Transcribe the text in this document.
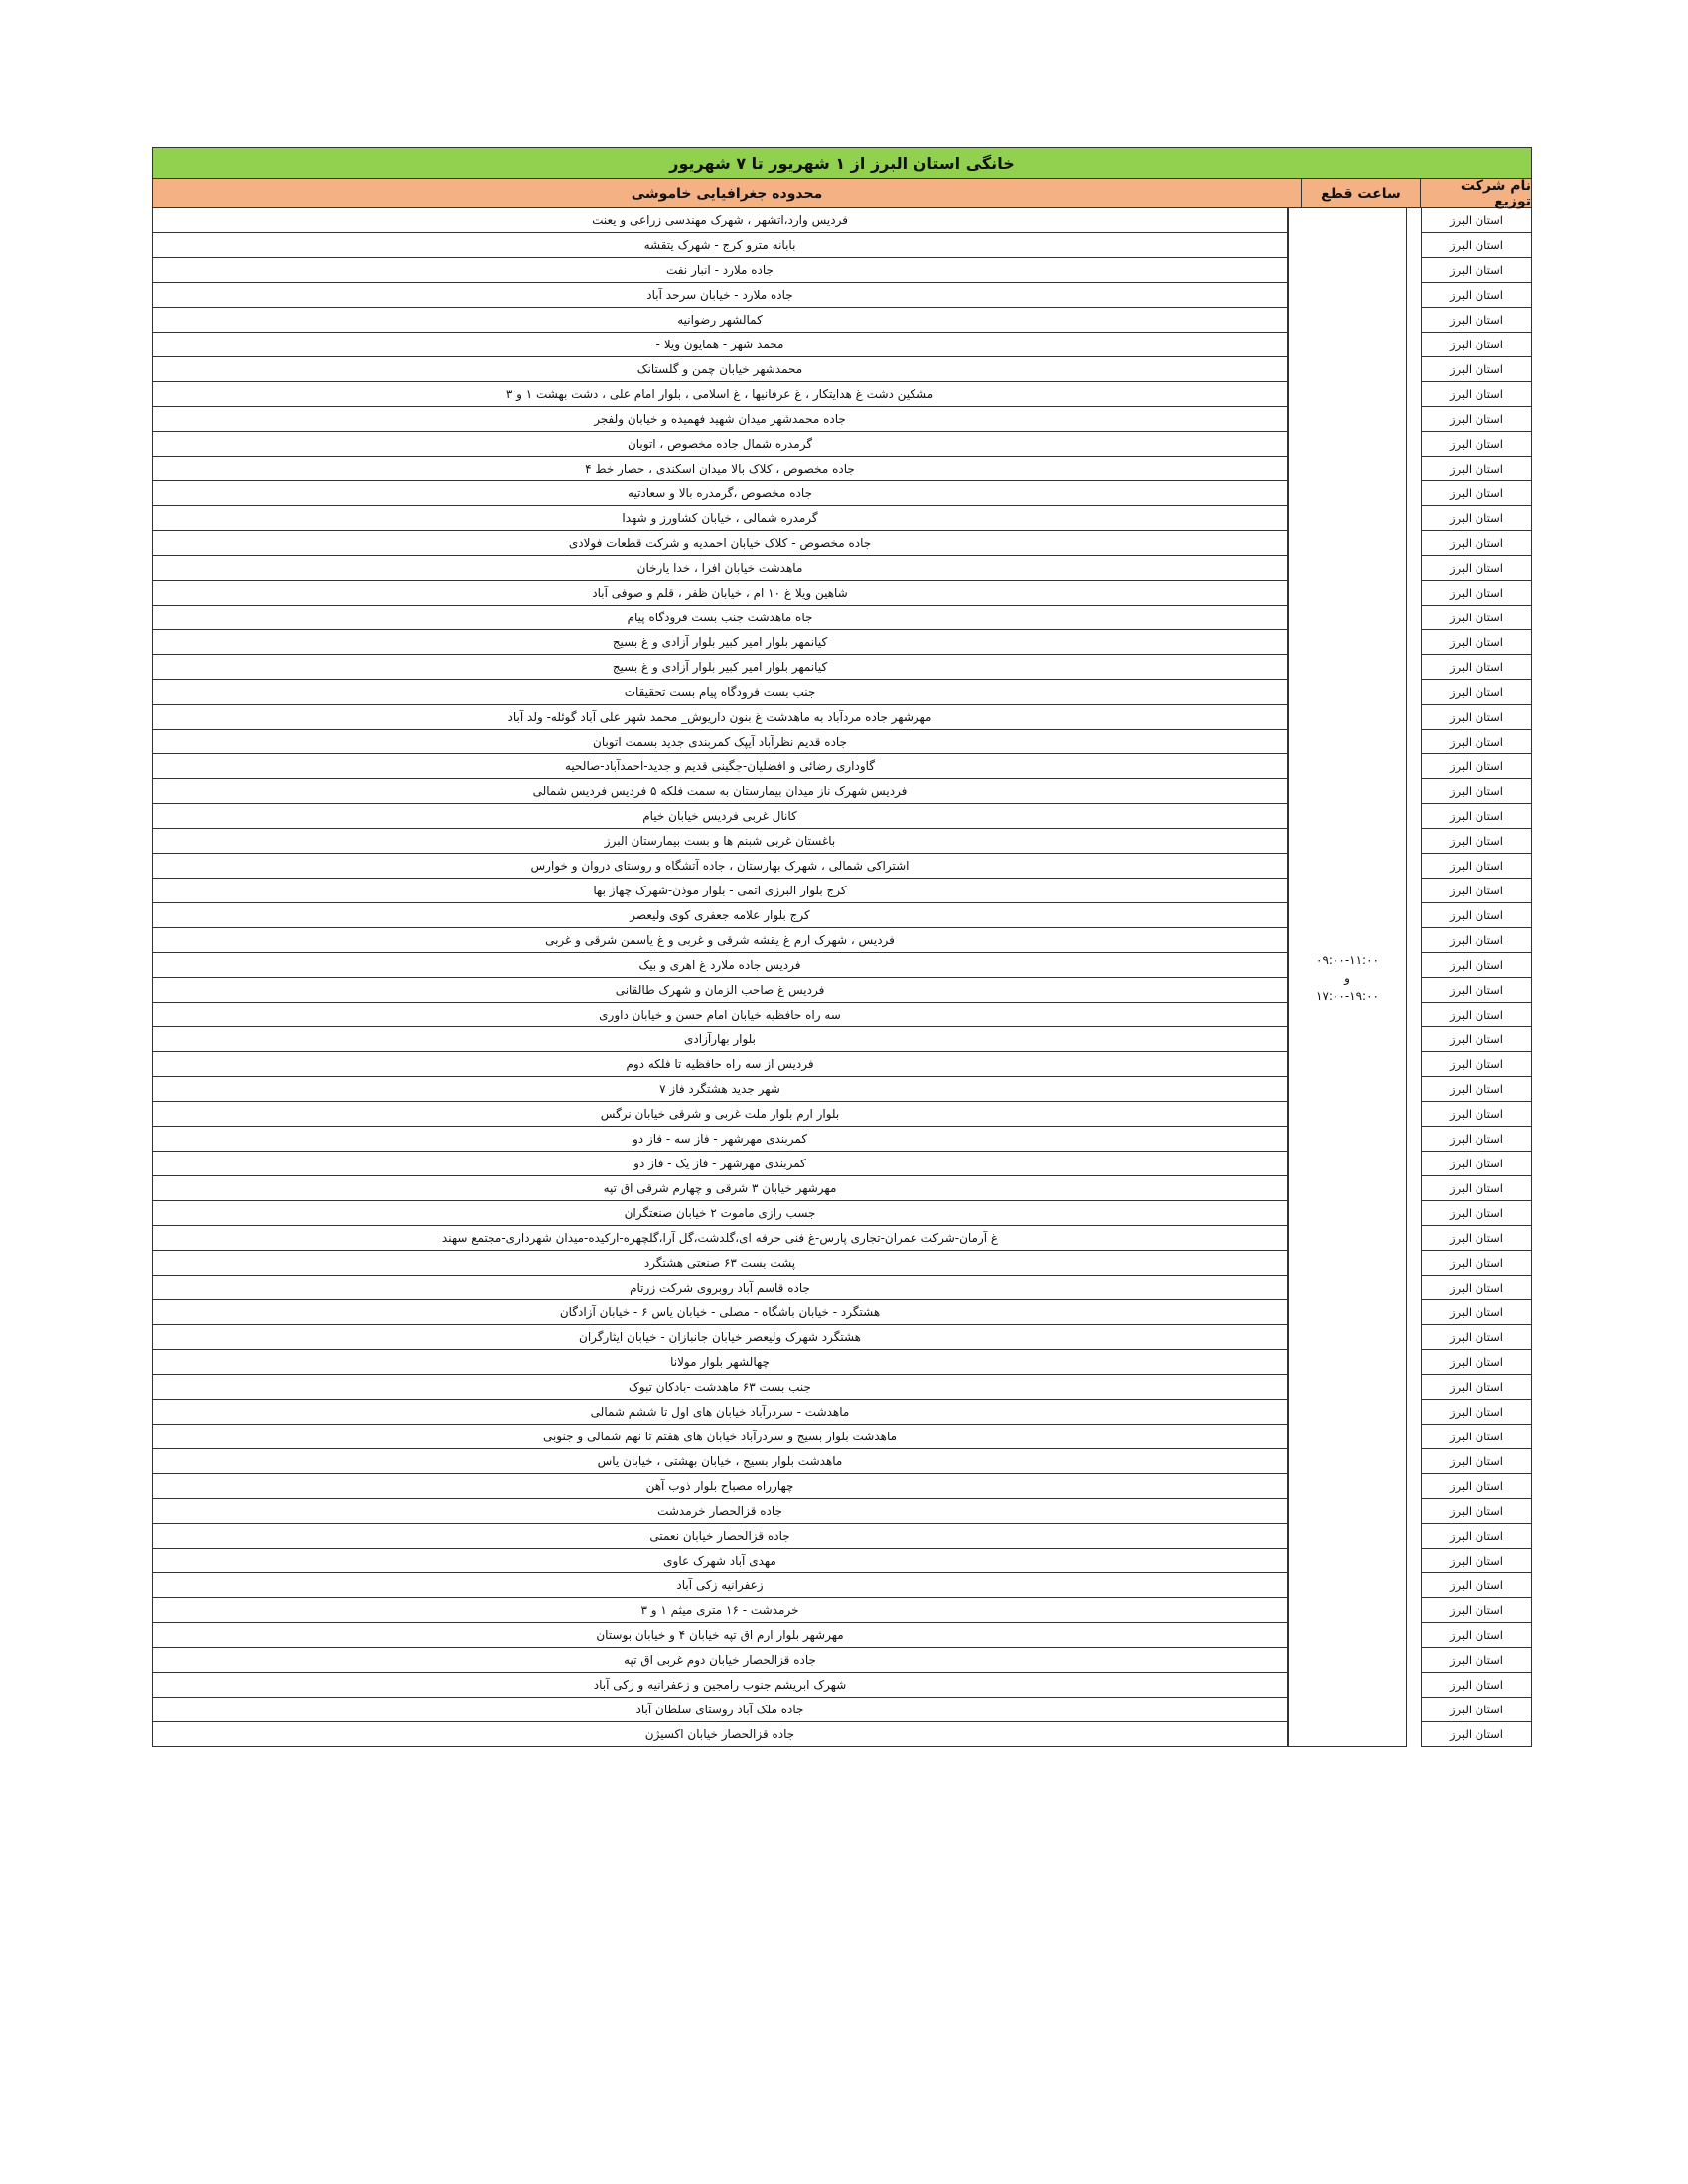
خانگی استان البرز از ۱ شهریور تا ۷ شهریور
نام شرکت توزیع
ساعت قطع
محدوده جغرافیایی خاموشی
استان البرز
استان البرز
استان البرز
استان البرز
استان البرز
استان البرز
استان البرز
استان البرز
استان البرز
استان البرز
استان البرز
استان البرز
استان البرز
استان البرز
استان البرز
استان البرز
استان البرز
استان البرز
استان البرز
استان البرز
استان البرز
استان البرز
استان البرز
استان البرز
استان البرز
استان البرز
استان البرز
استان البرز
استان البرز
استان البرز
استان البرز
استان البرز
استان البرز
استان البرز
استان البرز
استان البرز
استان البرز
استان البرز
استان البرز
استان البرز
استان البرز
استان البرز
استان البرز
استان البرز
استان البرز
استان البرز
استان البرز
استان البرز
استان البرز
استان البرز
استان البرز
استان البرز
استان البرز
استان البرز
استان البرز
استان البرز
استان البرز
استان البرز
استان البرز
استان البرز
استان البرز
استان البرز
۰۹:۰۰-۱۱:۰۰
و
۱۷:۰۰-۱۹:۰۰
فردیس وارد،اتشهر ، شهرک مهندسی زراعی و یعنت
بابانه مترو کرج - شهرک یتقشه
جاده ملارد - انبار نفت
جاده ملارد - خیابان سرحد آباد
کمالشهر رضوانیه
محمد شهر - همایون ویلا -
محمدشهر خیابان چمن و گلستانک
مشکین دشت غ هدایتکار ، غ عرفانیها ، غ اسلامی ، بلوار امام علی ، دشت بهشت ۱ و ۳
جاده محمدشهر میدان شهید فهمیده و خیابان ولفجر
گرمدره شمال جاده مخصوص ، اتوبان
جاده مخصوص ، کلاک بالا میدان اسکندی ، حصار خط ۴
جاده مخصوص ،گرمدره بالا و سعادتیه
گرمدره شمالی ، خیابان کشاورز و شهدا
جاده مخصوص - کلاک خیابان احمدیه و شرکت قطعات فولادی
ماهدشت خیابان افرا ، خدا یارخان
شاهین ویلا غ ۱۰ ام ، خیابان ظفر ، قلم و صوفی آباد
جاه ماهدشت جنب بست فرودگاه پیام
کیانمهر بلوار امیر کبیر بلوار آزادی و غ بسیج
کیانمهر بلوار امیر کبیر بلوار آزادی و غ بسیج
جنب بست فرودگاه پیام بست تحقیقات
مهرشهر جاده مردآباد به ماهدشت غ بنون داریوش_ محمد شهر علی آباد گوئله- ولد آباد
جاده قدیم نظرآباد آیپک کمربندی جدید بسمت اتوبان
گاوداری رضائی و افضلیان-جگینی قدیم و جدید-احمدآباد-صالحیه
فردیس شهرک ناز میدان بیمارستان به سمت فلکه ۵ فردیس فردیس شمالی
کانال غربی فردیس خیابان خیام
باغستان غربی شبنم ها و بست بیمارستان البرز
اشتراکی شمالی ، شهرک بهارستان ، جاده آتشگاه و روستای دروان و خوارس
کرج بلوار البرزی اتمی - بلوار موذن-شهرک چهاز بها
کرج بلوار علامه جعفری کوی ولیعصر
فردیس ، شهرک ارم غ یقشه شرقی و غربی و غ یاسمن شرقی و غربی
فردیس جاده ملارد غ اهری و بیک
فردیس غ صاحب الزمان و شهرک طالقانی
سه راه حافظیه خیابان امام حسن و خیابان داوری
بلوار بهارآزادی
فردیس از سه راه حافظیه تا فلکه دوم
شهر جدید هشتگرد فاز ۷
بلوار ارم بلوار ملت غربی و شرقی خیابان نرگس
کمربندی مهرشهر - فاز سه - فاز دو
کمربندی مهرشهر - فاز یک - فاز دو
مهرشهر خیابان ۳ شرقی و چهارم شرقی اق تپه
جسب رازی ماموت ۲ خیابان صنعتگران
غ آرمان-شرکت عمران-تجاری پارس-غ فنی حرفه ای،گلدشت،گل آرا،گلچهره-ارکیده-میدان شهرداری-مجتمع سهند
پشت بست ۶۳ صنعتی هشتگرد
جاده قاسم آباد روبروی شرکت زرتام
هشتگرد - خیابان باشگاه - مصلی - خیابان یاس ۶ - خیابان آزادگان
هشتگرد شهرک ولیعصر خیابان جانبازان - خیابان ایثارگران
چهالشهر بلوار مولانا
جنب بست ۶۳ ماهدشت -بادکان تبوک
ماهدشت - سردرآباد خیابان های اول تا ششم شمالی
ماهدشت بلوار بسیج و سردرآباد خیابان های هفتم تا نهم شمالی و جنوبی
ماهدشت بلوار بسیج ، خیابان بهشتی ، خیابان یاس
چهارراه مصباح بلوار ذوب آهن
جاده قزالحصار خرمدشت
جاده قزالحصار خیابان نعمتی
مهدی آباد شهرک عاوی
زعفرانیه زکی آباد
خرمدشت - ۱۶ متری میثم ۱ و ۳
مهرشهر بلوار ارم اق تپه خیابان ۴ و خیابان بوستان
جاده قزالحصار خیابان دوم غربی اق تپه
شهرک ابریشم جنوب رامجین و زعفرانیه و زکی آباد
جاده ملک آباد روستای سلطان آباد
جاده قزالحصار خیابان اکسیژن
